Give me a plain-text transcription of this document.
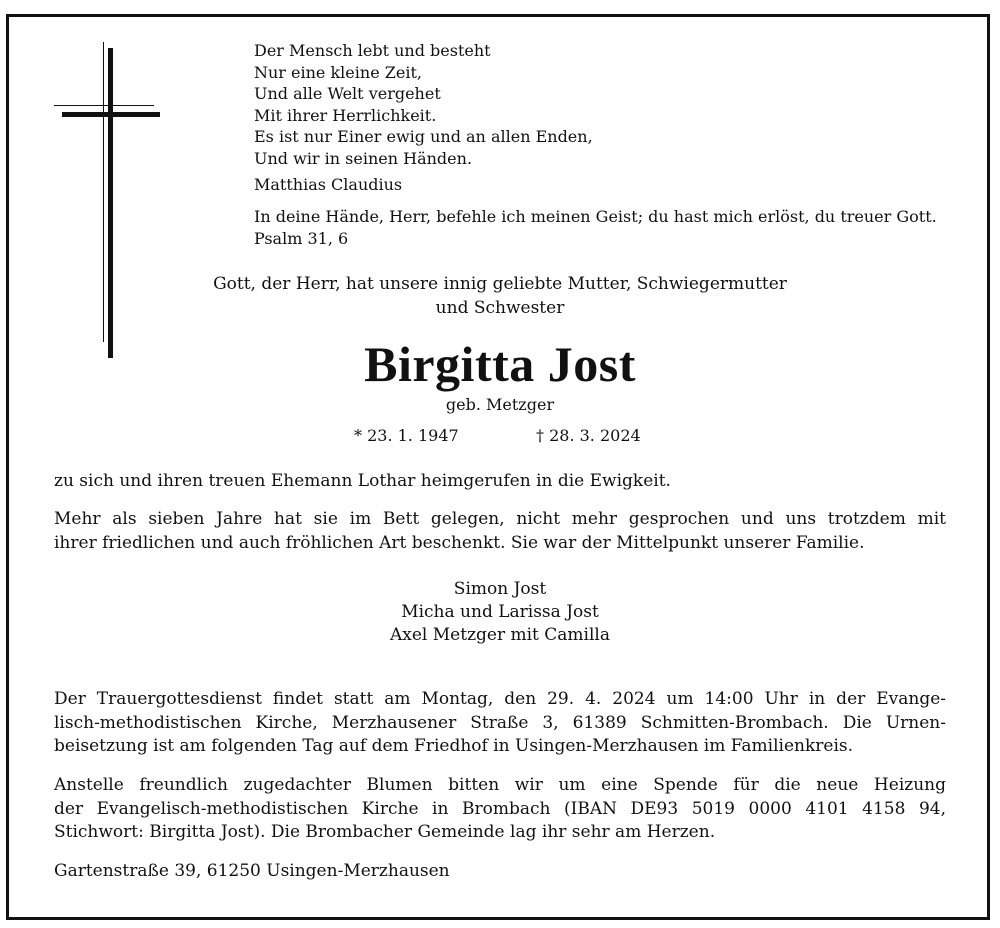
Der Mensch lebt und besteht
Nur eine kleine Zeit,
Und alle Welt vergehet
Mit ihrer Herrlichkeit.
Es ist nur Einer ewig und an allen Enden,
Und wir in seinen Händen.
Matthias Claudius
In deine Hände, Herr, befehle ich meinen Geist; du hast mich erlöst, du treuer Gott.
Psalm 31, 6
Gott, der Herr, hat unsere innig geliebte Mutter, Schwiegermutter
und Schwester
Birgitta Jost
geb. Metzger
* 23. 1. 1947	† 28. 3. 2024
zu sich und ihren treuen Ehemann Lothar heimgerufen in die Ewigkeit.
Mehr als sieben Jahre hat sie im Bett gelegen, nicht mehr gesprochen und uns trotzdem mit
ihrer friedlichen und auch fröhlichen Art beschenkt. Sie war der Mittelpunkt unserer Familie.
Simon Jost
Micha und Larissa Jost
Axel Metzger mit Camilla
Der Trauergottesdienst findet statt am Montag, den 29. 4. 2024 um 14:00 Uhr in der Evange-
lisch-methodistischen Kirche, Merzhausener Straße 3, 61389 Schmitten-Brombach. Die Urnen-
beisetzung ist am folgenden Tag auf dem Friedhof in Usingen-Merzhausen im Familienkreis.
Anstelle freundlich zugedachter Blumen bitten wir um eine Spende für die neue Heizung
der Evangelisch-methodistischen Kirche in Brombach (IBAN DE93 5019 0000 4101 4158 94,
Stichwort: Birgitta Jost). Die Brombacher Gemeinde lag ihr sehr am Herzen.
Gartenstraße 39, 61250 Usingen-Merzhausen
